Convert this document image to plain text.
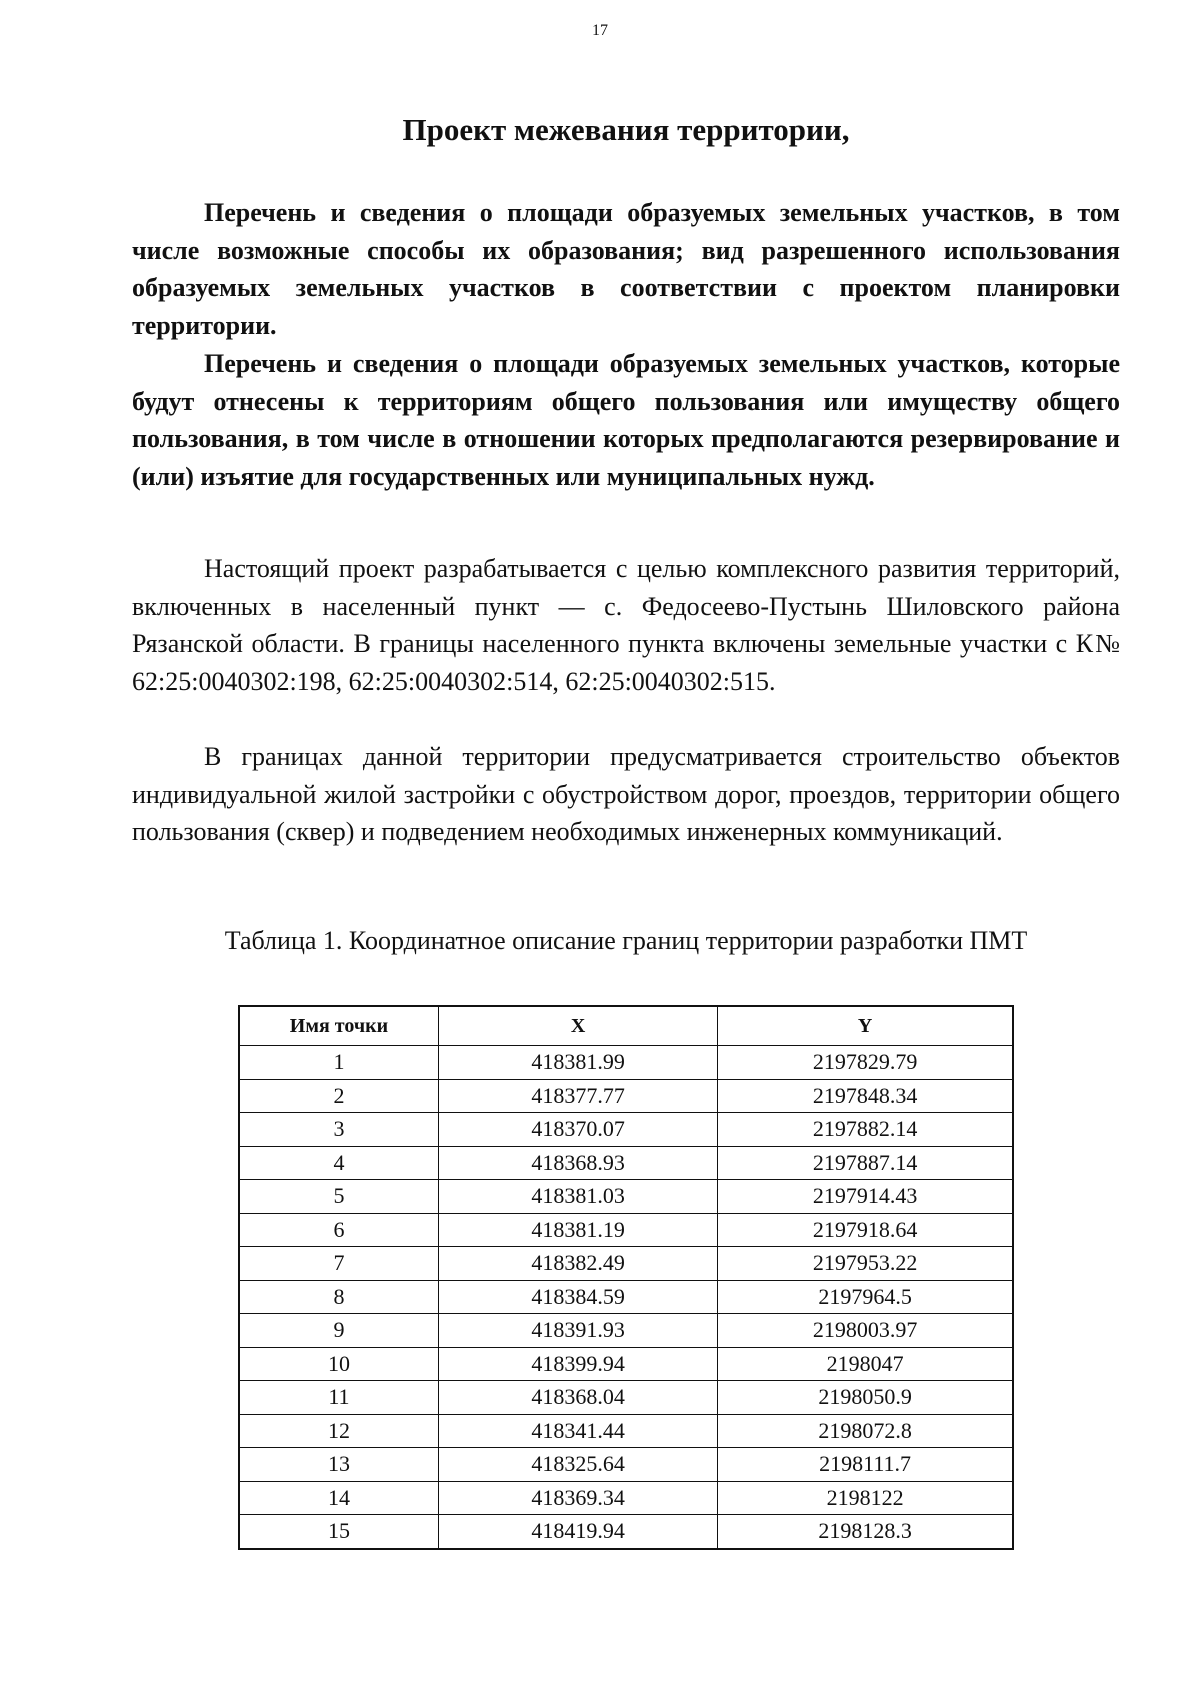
17
Проект межевания территории,

Перечень и сведения о площади образуемых земельных участков, в том числе возможные способы их образования; вид разрешенного использования образуемых земельных участков в соответствии с проектом планировки территории.

Перечень и сведения о площади образуемых земельных участков, которые будут отнесены к территориям общего пользования или имуществу общего пользования, в том числе в отношении которых предполагаются резервирование и (или) изъятие для государственных или муниципальных нужд.

Настоящий проект разрабатывается с целью комплексного развития территорий, включенных в населенный пункт — с. Федосеево-Пустынь Шиловского района Рязанской области. В границы населенного пункта включены земельные участки с К№ 62:25:0040302:198, 62:25:0040302:514, 62:25:0040302:515.

В границах данной территории предусматривается строительство объектов индивидуальной жилой застройки с обустройством дорог, проездов, территории общего пользования (сквер) и подведением необходимых инженерных коммуникаций.

Таблица 1. Координатное описание границ территории разработки ПМТ

Имя точки	X	Y
1	418381.99	2197829.79
2	418377.77	2197848.34
3	418370.07	2197882.14
4	418368.93	2197887.14
5	418381.03	2197914.43
6	418381.19	2197918.64
7	418382.49	2197953.22
8	418384.59	2197964.5
9	418391.93	2198003.97
10	418399.94	2198047
11	418368.04	2198050.9
12	418341.44	2198072.8
13	418325.64	2198111.7
14	418369.34	2198122
15	418419.94	2198128.3
